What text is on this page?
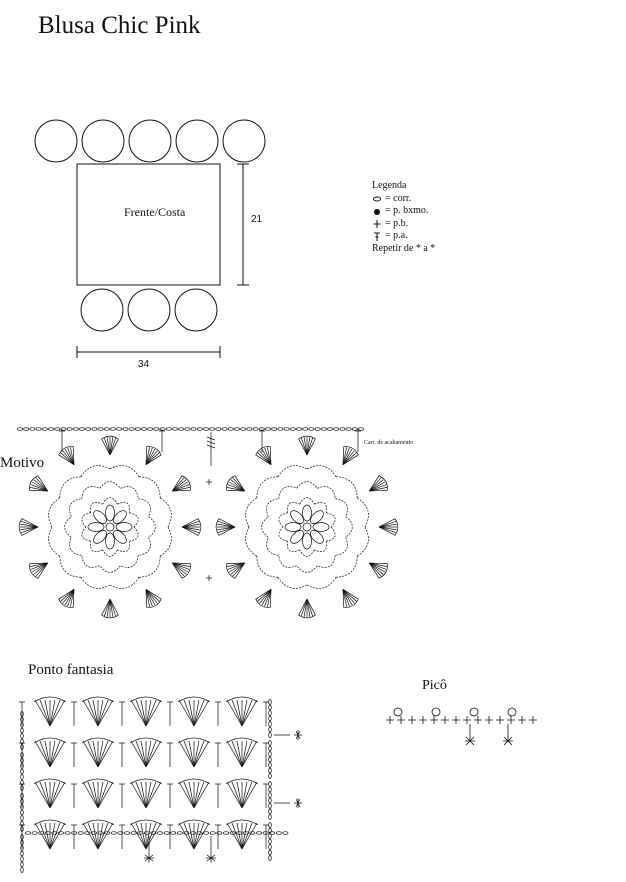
Blusa Chic Pink
Frente/Costa
21
34
Legenda
= corr.
= p. bxmo.
= p.b.
= p.a.
Repetir de * a *
Motivo
Carr. de acabamento
Ponto fantasia
Picô
